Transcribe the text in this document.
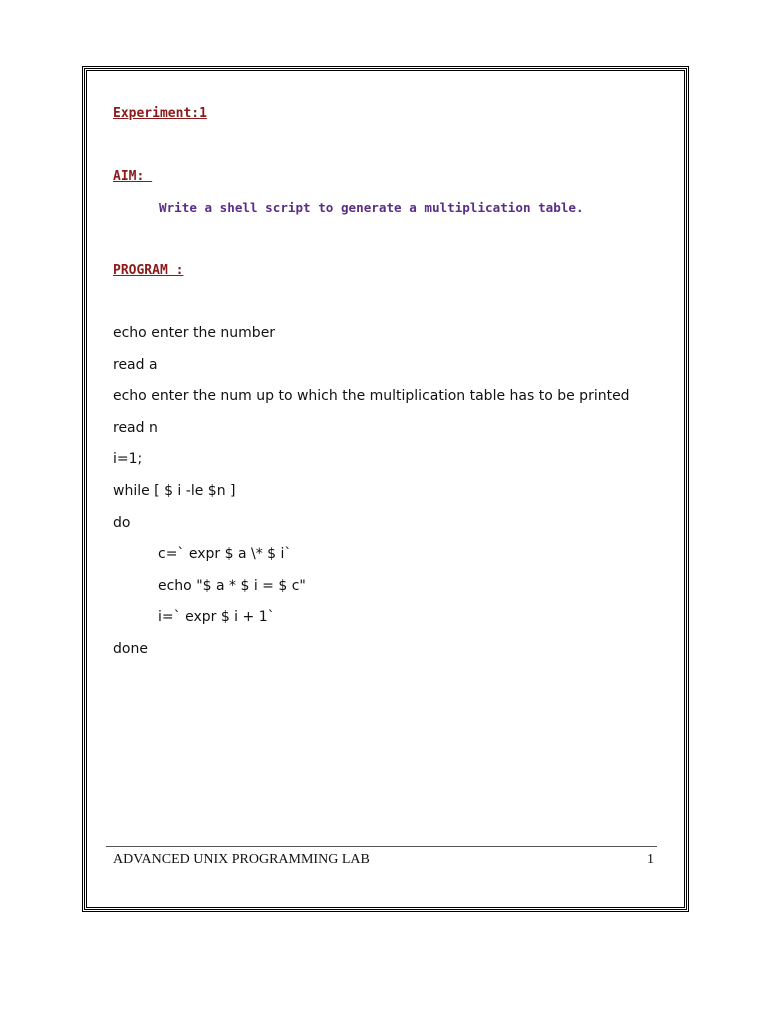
Experiment:1
AIM:
Write a shell script to generate a multiplication table.
PROGRAM :
echo enter the number
read a
echo enter the num up to which the multiplication table has to be printed
read n
i=1;
while [ $ i -le $n ]
do
c=` expr $ a \* $ i`
echo "$ a * $ i = $ c"
i=` expr $ i + 1`
done
ADVANCED UNIX PROGRAMMING LAB	1
